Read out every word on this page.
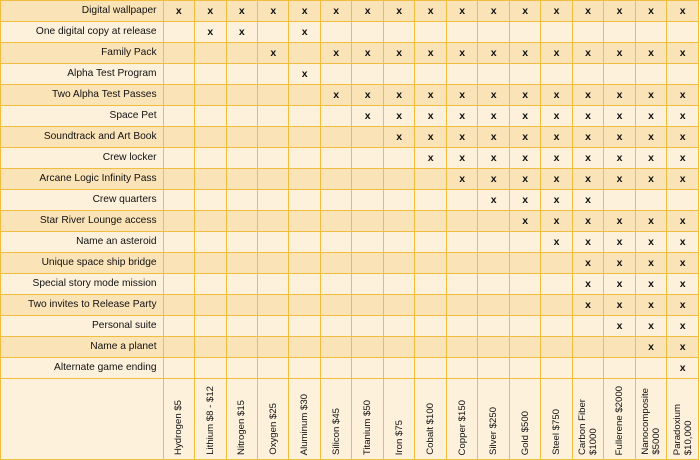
Digital wallpaper	x	x	x	x	x	x	x	x	x	x	x	x	x	x	x	x	x
One digital copy at release		x	x		x												
Family Pack				x		x	x	x	x	x	x	x	x	x	x	x	x
Alpha Test Program					x												
Two Alpha Test Passes						x	x	x	x	x	x	x	x	x	x	x	x
Space Pet							x	x	x	x	x	x	x	x	x	x	x
Soundtrack and Art Book								x	x	x	x	x	x	x	x	x	x
Crew locker									x	x	x	x	x	x	x	x	x
Arcane Logic Infinity Pass										x	x	x	x	x	x	x	x
Crew quarters											x	x	x	x			
Star River Lounge access												x	x	x	x	x	x
Name an asteroid													x	x	x	x	x
Unique space ship bridge														x	x	x	x
Special story mode mission														x	x	x	x
Two invites to Release Party														x	x	x	x
Personal suite															x	x	x
Name a planet																x	x
Alternate game ending																	x

	Hydrogen $5	Lithium $8 - $12	Nitrogen $15	Oxygen $25	Aluminum $30	Silicon $45	Titanium $50	Iron $75	Cobalt $100	Copper $150	Silver $250	Gold $500	Steel $750	Carbon Fiber
$1000	Fullerene $2000	Nanocomposite
$5000	Paradoxium
$10,000
